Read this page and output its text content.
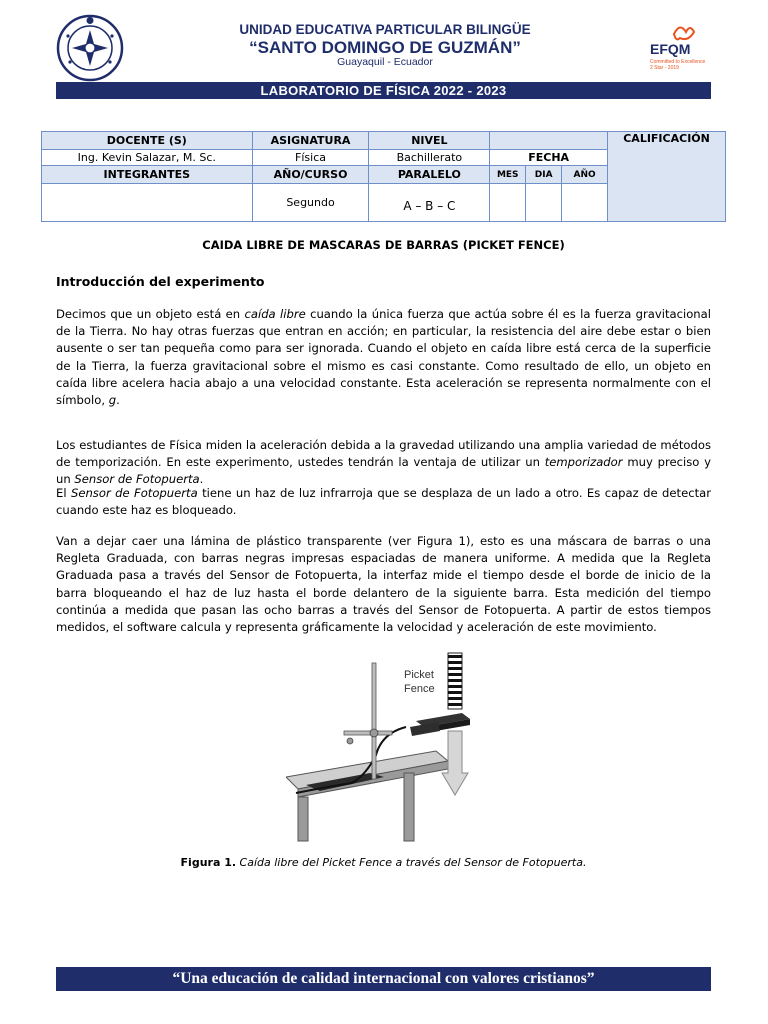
UNIDAD EDUCATIVA PARTICULAR BILINGÜE
“SANTO DOMINGO DE GUZMÁN”
Guayaquil - Ecuador
EFQM
Committed to Excellence
2 Star - 2019
LABORATORIO DE FÍSICA 2022 - 2023
DOCENTE (S)	ASIGNATURA	NIVEL				CALIFICACIÓN
Ing. Kevin Salazar, M. Sc.	Física	Bachillerato	FECHA			
INTEGRANTES	AÑO/CURSO	PARALELO	MES	DIA	AÑO	
	Segundo	A – B – C				
CAIDA LIBRE DE MASCARAS DE BARRAS (PICKET FENCE)
Introducción del experimento
Decimos que un objeto está en caída libre cuando la única fuerza que actúa sobre él es la fuerza gravitacional de la Tierra. No hay otras fuerzas que entran en acción; en particular, la resistencia del aire debe estar o bien ausente o ser tan pequeña como para ser ignorada. Cuando el objeto en caída libre está cerca de la superficie de la Tierra, la fuerza gravitacional sobre el mismo es casi constante. Como resultado de ello, un objeto en caída libre acelera hacia abajo a una velocidad constante. Esta aceleración se representa normalmente con el símbolo, g.
Los estudiantes de Física miden la aceleración debida a la gravedad utilizando una amplia variedad de métodos de temporización. En este experimento, ustedes tendrán la ventaja de utilizar un temporizador muy preciso y un Sensor de Fotopuerta.
El Sensor de Fotopuerta tiene un haz de luz infrarroja que se desplaza de un lado a otro. Es capaz de detectar cuando este haz es bloqueado.
Van a dejar caer una lámina de plástico transparente (ver Figura 1), esto es una máscara de barras o una Regleta Graduada, con barras negras impresas espaciadas de manera uniforme. A medida que la Regleta Graduada pasa a través del Sensor de Fotopuerta, la interfaz mide el tiempo desde el borde de inicio de la barra bloqueando el haz de luz hasta el borde delantero de la siguiente barra. Esta medición del tiempo continúa a medida que pasan las ocho barras a través del Sensor de Fotopuerta. A partir de estos tiempos medidos, el software calcula y representa gráficamente la velocidad y aceleración de este movimiento.
Picket
Fence
Figura 1. Caída libre del Picket Fence a través del Sensor de Fotopuerta.
“Una educación de calidad internacional con valores cristianos”
